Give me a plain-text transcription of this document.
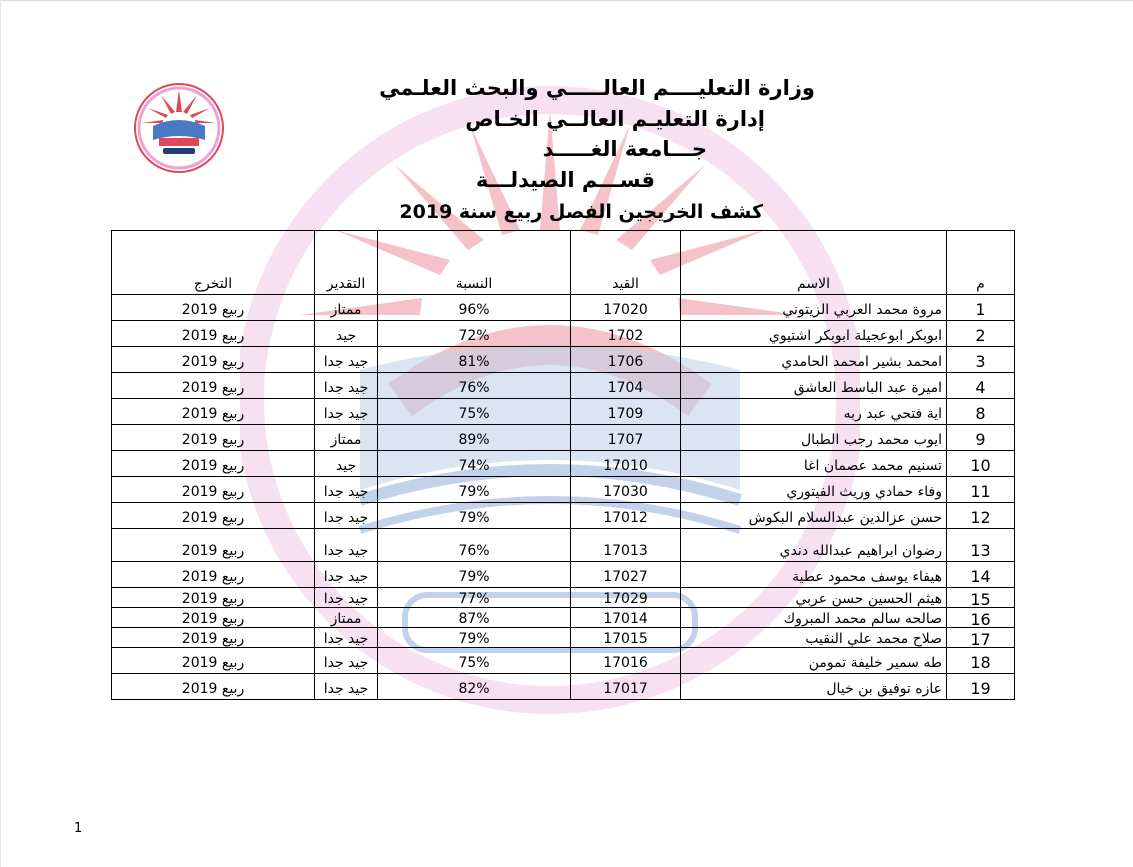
وزارة التعليــــم العالـــــي والبحث العلـمي
إدارة التعليـم العالــي الخـاص
جـــامعة الغـــــد
قســـم الصيدلـــة
كشف الخريجين الفصل ربيع سنة 2019
م	الاسم	القيد	النسبة	التقدير	التخرج
1	مروة محمد العربي الزيتوني	17020	96%	ممتاز	ربيع 2019
2	ابوبكر ابوعجيلة ابوبكر اشتيوي	1702	72%	جيد	ربيع 2019
3	امحمد بشير امحمد الحامدي	1706	81%	جيد جدا	ربيع 2019
4	اميرة عبد الباسط العاشق	1704	76%	جيد جدا	ربيع 2019
8	اية فتحي عبد ربه	1709	75%	جيد جدا	ربيع 2019
9	ايوب محمد رجب الطبال	1707	89%	ممتاز	ربيع 2019
10	تسنيم محمد عصمان اغا	17010	74%	جيد	ربيع 2019
11	وفاء حمادي وريث الفيتوري	17030	79%	جيد جدا	ربيع 2019
12	حسن عزالدين عبدالسلام البكوش	17012	79%	جيد جدا	ربيع 2019
13	رضوان ابراهيم عبدالله دندي	17013	76%	جيد جدا	ربيع 2019
14	هيفاء يوسف محمود عطية	17027	79%	جيد جدا	ربيع 2019
15	هيثم الحسين حسن عربي	17029	77%	جيد جدا	ربيع 2019
16	صالحه سالم محمد المبروك	17014	87%	ممتاز	ربيع 2019
17	صلاح محمد علي النقيب	17015	79%	جيد جدا	ربيع 2019
18	طه سمير خليفة تمومن	17016	75%	جيد جدا	ربيع 2019
19	عازه توفيق بن خيال	17017	82%	جيد جدا	ربيع 2019
1
